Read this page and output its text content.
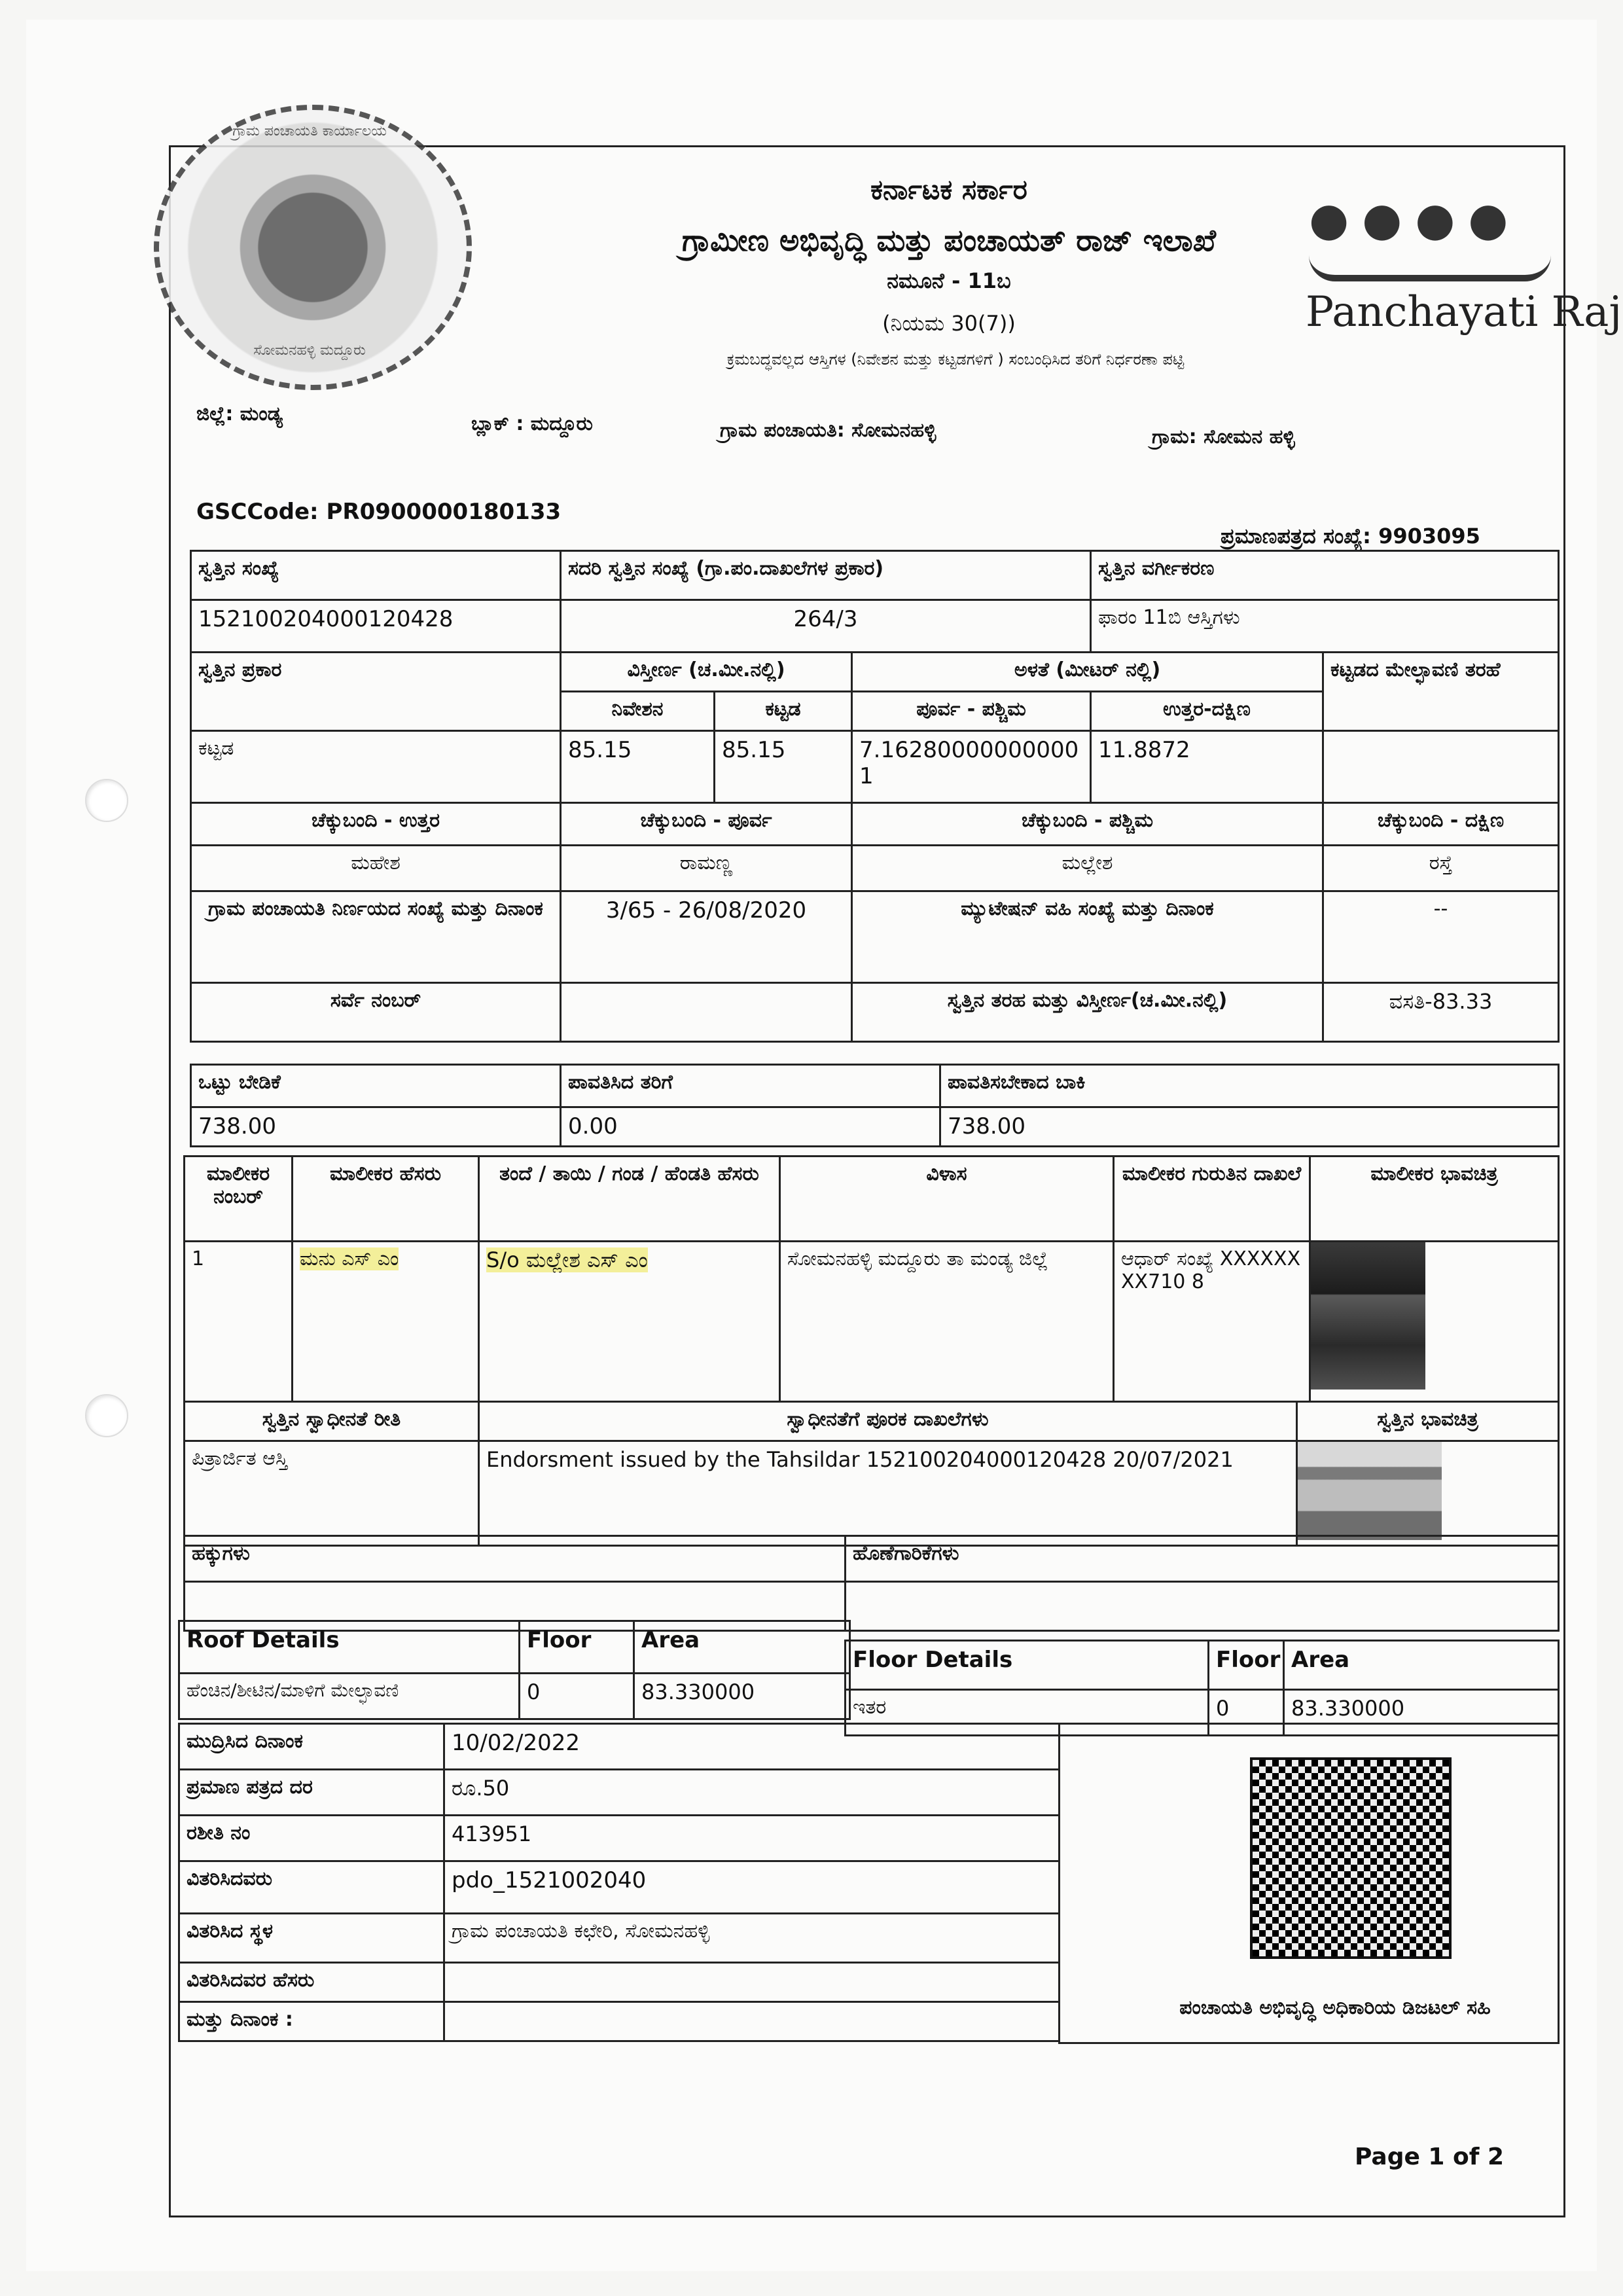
ಗ್ರಾಮ ಪಂಚಾಯತಿ ಕಾರ್ಯಾಲಯ
ಸೋಮನಹಳ್ಳಿ ಮದ್ದೂರು
ಕರ್ನಾಟಕ ಸರ್ಕಾರ
ಗ್ರಾಮೀಣ ಅಭಿವೃದ್ಧಿ ಮತ್ತು ಪಂಚಾಯತ್ ರಾಜ್ ಇಲಾಖೆ
ನಮೂನೆ - 11ಬ
(ನಿಯಮ 30(7))
ಕ್ರಮಬದ್ಧವಲ್ಲದ ಆಸ್ತಿಗಳ (ನಿವೇಶನ ಮತ್ತು ಕಟ್ಟಡಗಳಿಗೆ ) ಸಂಬಂಧಿಸಿದ ತರಿಗೆ ನಿರ್ಧರಣಾ ಪಟ್ಟಿ
● ● ● ●
Panchayati Raj
ಜಿಲ್ಲೆ: ಮಂಡ್ಯ	ಬ್ಲಾಕ್ : ಮದ್ದೂರು	ಗ್ರಾಮ ಪಂಚಾಯತಿ: ಸೋಮನಹಳ್ಳಿ	ಗ್ರಾಮ: ಸೋಮನ ಹಳ್ಳಿ
GSCCode: PR0900000180133
ಪ್ರಮಾಣಪತ್ರದ ಸಂಖ್ಯೆ: 9903095
ಸ್ವತ್ತಿನ ಸಂಖ್ಯೆ	ಸದರಿ ಸ್ವತ್ತಿನ ಸಂಖ್ಯೆ (ಗ್ರಾ.ಪಂ.ದಾಖಲೆಗಳ ಪ್ರಕಾರ)			ಸ್ವತ್ತಿನ ವರ್ಗೀಕರಣ	
152100204000120428	264/3			ಫಾರಂ 11ಬಿ ಆಸ್ತಿಗಳು	
ಸ್ವತ್ತಿನ ಪ್ರಕಾರ	ವಿಸ್ತೀರ್ಣ (ಚ.ಮೀ.ನಲ್ಲಿ)		ಅಳತೆ (ಮೀಟರ್ ನಲ್ಲಿ)		ಕಟ್ಟಡದ ಮೇಲ್ಛಾವಣಿ ತರಹೆ
	ನಿವೇಶನ	ಕಟ್ಟಡ	ಪೂರ್ವ - ಪಶ್ಚಿಮ	ಉತ್ತರ-ದಕ್ಷಿಣ	
ಕಟ್ಟಡ	85.15	85.15	7.16280000000000 1	11.8872	
ಚೆಕ್ಕುಬಂದಿ - ಉತ್ತರ	ಚೆಕ್ಕುಬಂದಿ - ಪೂರ್ವ		ಚೆಕ್ಕುಬಂದಿ - ಪಶ್ಚಿಮ		ಚೆಕ್ಕುಬಂದಿ - ದಕ್ಷಿಣ
ಮಹೇಶ	ರಾಮಣ್ಣ		ಮಲ್ಲೇಶ		ರಸ್ತೆ
ಗ್ರಾಮ ಪಂಚಾಯತಿ ನಿರ್ಣಯದ ಸಂಖ್ಯೆ ಮತ್ತು ದಿನಾಂಕ	3/65 - 26/08/2020		ಮ್ಯುಟೇಷನ್ ವಹಿ ಸಂಖ್ಯೆ ಮತ್ತು ದಿನಾಂಕ		--
ಸರ್ವೆ ನಂಬರ್			ಸ್ವತ್ತಿನ ತರಹ ಮತ್ತು ವಿಸ್ತೀರ್ಣ(ಚ.ಮೀ.ನಲ್ಲಿ)		ವಸತಿ-83.33
ಒಟ್ಟು ಬೇಡಿಕೆ	ಪಾವತಿಸಿದ ತರಿಗೆ	ಪಾವತಿಸಬೇಕಾದ ಬಾಕಿ
738.00	0.00	738.00
ಮಾಲೀಕರ ನಂಬರ್	ಮಾಲೀಕರ ಹೆಸರು	ತಂದೆ / ತಾಯಿ / ಗಂಡ / ಹೆಂಡತಿ ಹೆಸರು	ವಿಳಾಸ	ಮಾಲೀಕರ ಗುರುತಿನ ದಾಖಲೆ	ಮಾಲೀಕರ ಭಾವಚಿತ್ರ
1	ಮನು ಎಸ್ ಎಂ	S/o ಮಲ್ಲೇಶ ಎಸ್ ಎಂ	ಸೋಮನಹಳ್ಳಿ ಮದ್ದೂರು ತಾ ಮಂಡ್ಯ ಜಿಲ್ಲೆ	ಆಧಾರ್ ಸಂಖ್ಯೆ XXXXXXXX710 8	
ಸ್ವತ್ತಿನ ಸ್ವಾಧೀನತೆ ರೀತಿ	ಸ್ವಾಧೀನತೆಗೆ ಪೂರಕ ದಾಖಲೆಗಳು	ಸ್ವತ್ತಿನ ಭಾವಚಿತ್ರ
ಪಿತ್ರಾರ್ಜಿತ ಆಸ್ತಿ	Endorsment issued by the Tahsildar 152100204000120428 20/07/2021	
ಹಕ್ಕುಗಳು	ಹೊಣೆಗಾರಿಕೆಗಳು

Roof Details	Floor	Area
ಹೆಂಚಿನ/ಶೀಟಿನ/ಮಾಳಿಗೆ ಮೇಲ್ಛಾವಣಿ	0	83.330000
Floor Details	Floor	Area
ಇತರ	0	83.330000
ಮುದ್ರಿಸಿದ ದಿನಾಂಕ	10/02/2022
ಪ್ರಮಾಣ ಪತ್ರದ ದರ	ರೂ.50
ರಶೀತಿ ನಂ	413951
ವಿತರಿಸಿದವರು	pdo_1521002040
ವಿತರಿಸಿದ ಸ್ಥಳ	ಗ್ರಾಮ ಪಂಚಾಯತಿ ಕಛೇರಿ, ಸೋಮನಹಳ್ಳಿ
ವಿತರಿಸಿದವರ ಹೆಸರು	
ಮತ್ತು ದಿನಾಂಕ :	
ಪಂಚಾಯತಿ ಅಭಿವೃದ್ಧಿ ಅಧಿಕಾರಿಯ ಡಿಜಟಲ್ ಸಹಿ
Page 1 of 2
